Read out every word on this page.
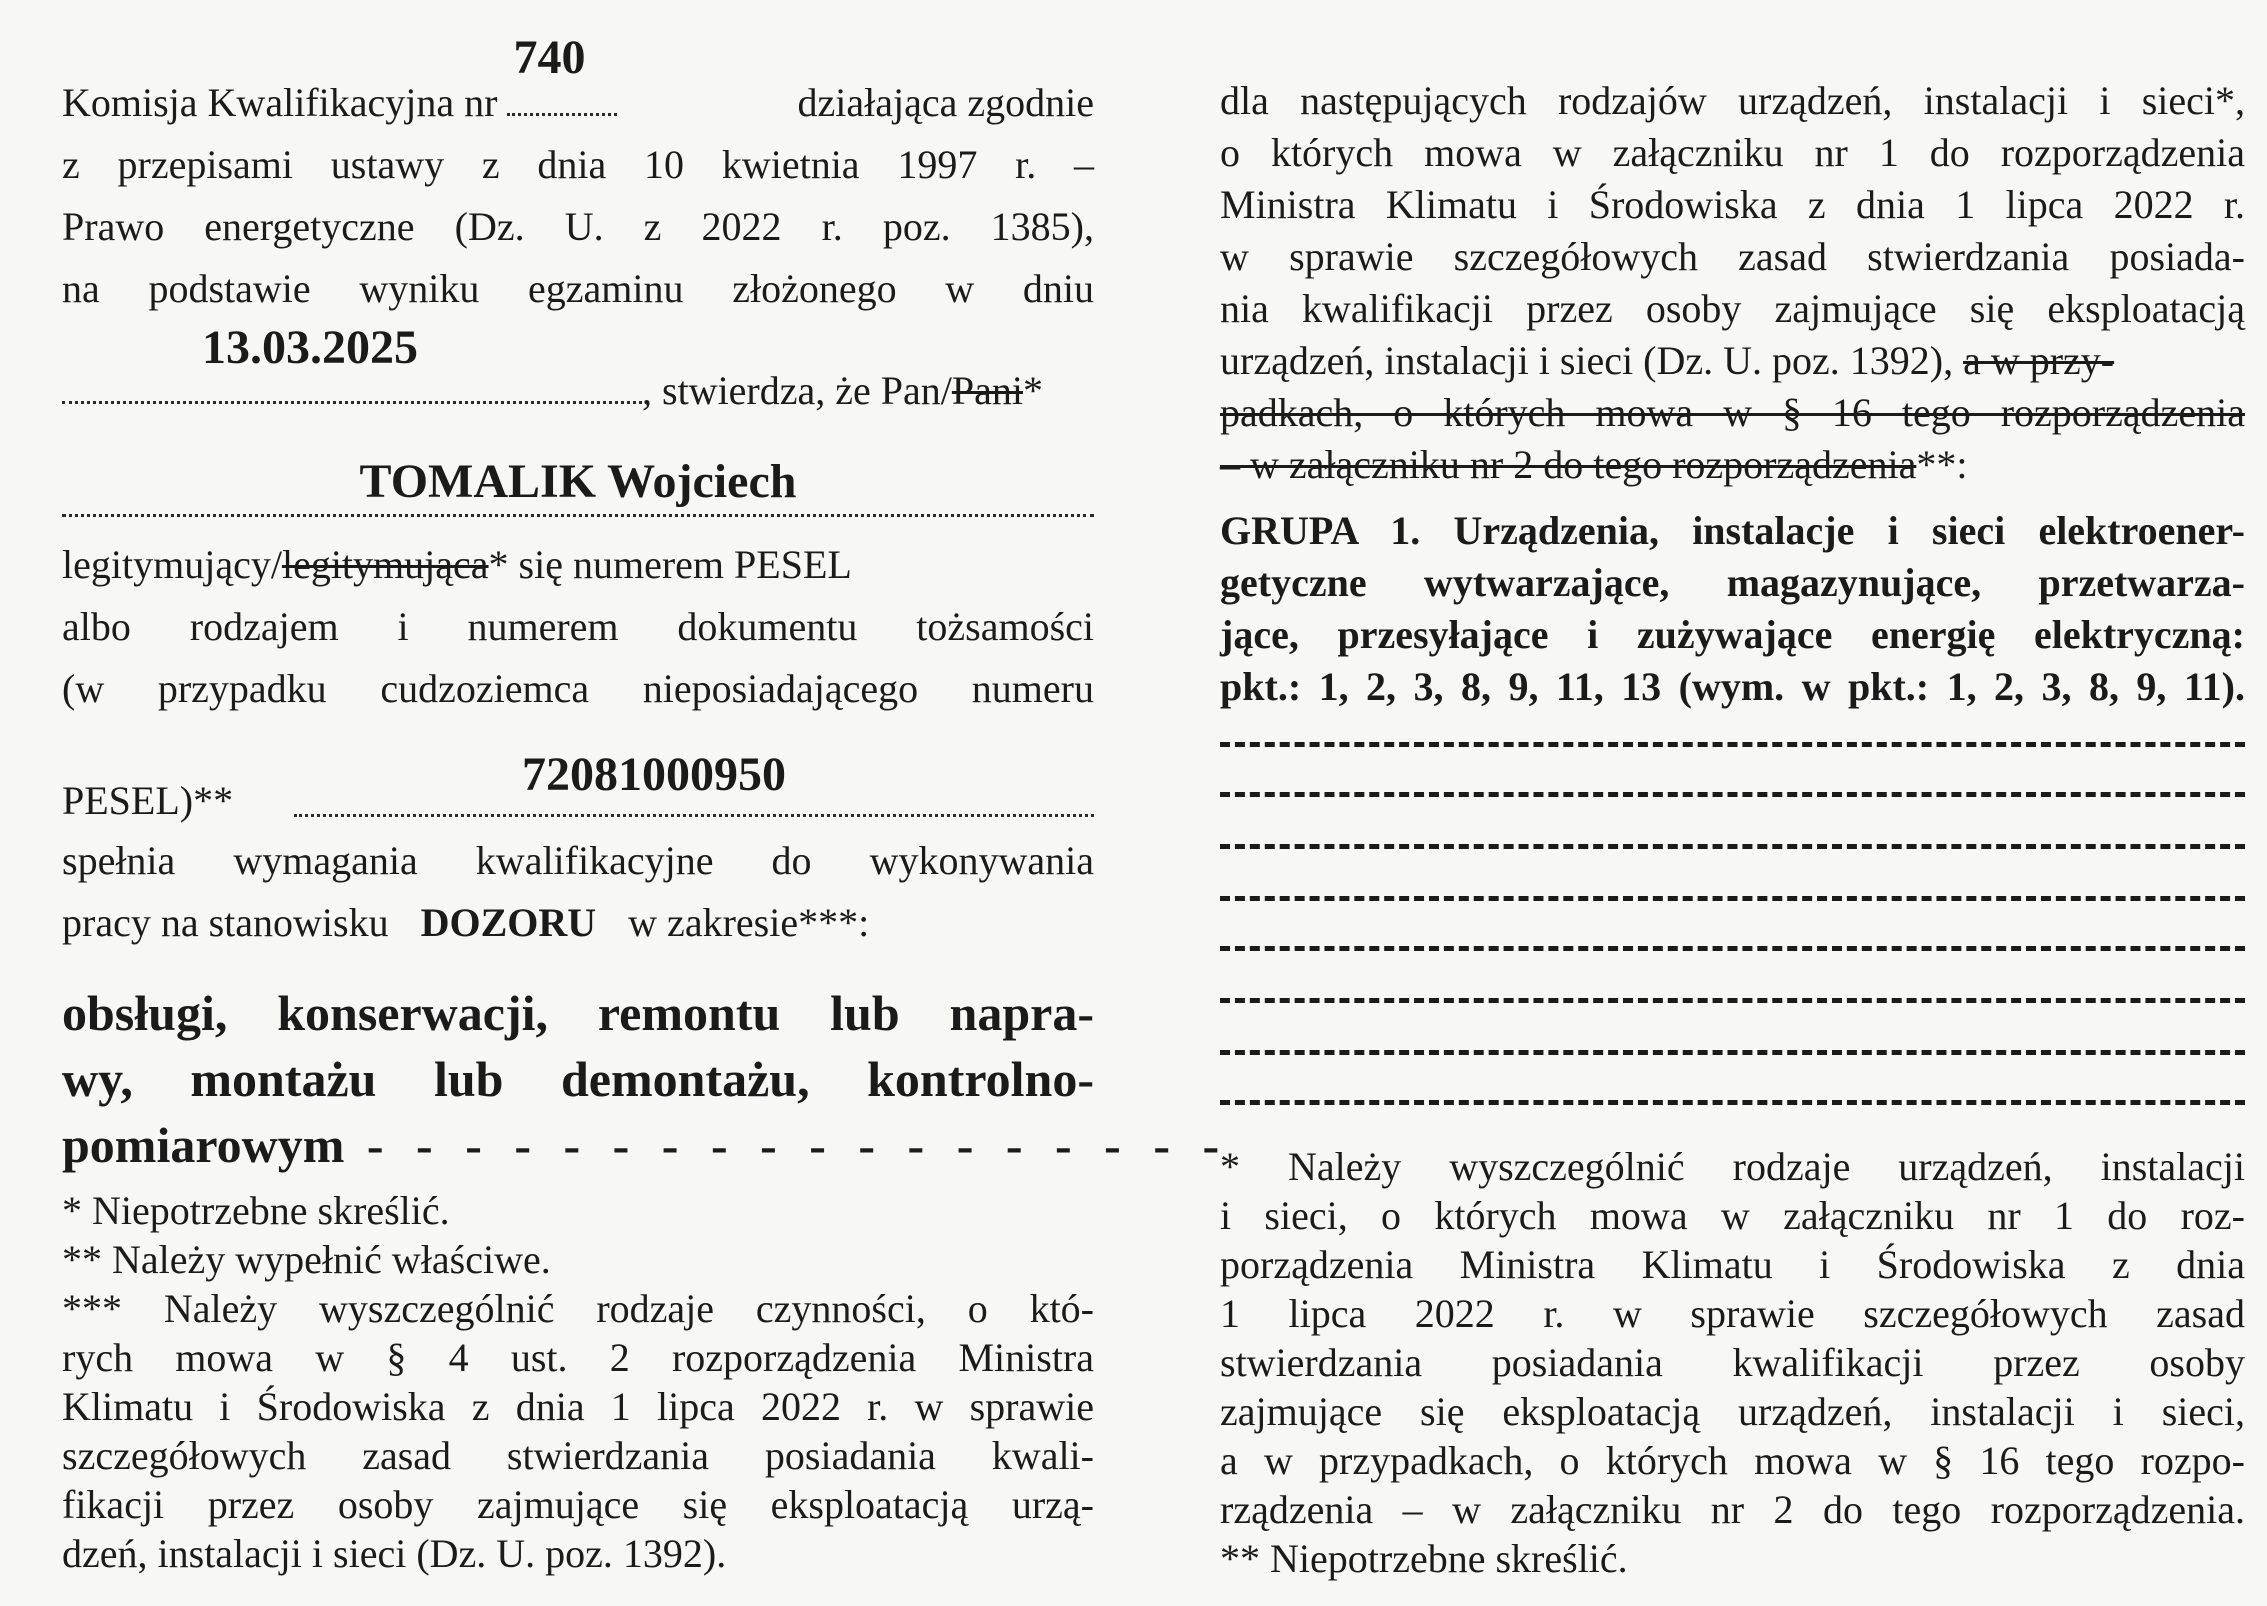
Komisja Kwalifikacyjna nr
740
działająca zgodnie
z przepisami ustawy z dnia 10 kwietnia 1997 r. –
Prawo energetyczne (Dz. U. z 2022 r. poz. 1385),
na podstawie wyniku egzaminu złożonego w dniu
13.03.2025
, stwierdza, że Pan/Pani*
TOMALIK Wojciech
legitymujący/legitymująca* się numerem PESEL
albo rodzajem i numerem dokumentu tożsamości
(w przypadku cudzoziemca nieposiadającego numeru
PESEL)**	72081000950
spełnia wymagania kwalifikacyjne do wykonywania
pracy na stanowisku DOZORU w zakresie***:
obsługi, konserwacji, remontu lub napra-
wy, montażu lub demontażu, kontrolno-
pomiarowym - - - - - - - - - - - - - - - - - -
* Niepotrzebne skreślić.
** Należy wypełnić właściwe.
*** Należy wyszczególnić rodzaje czynności, o któ-
rych mowa w § 4 ust. 2 rozporządzenia Ministra
Klimatu i Środowiska z dnia 1 lipca 2022 r. w sprawie
szczegółowych zasad stwierdzania posiadania kwali-
fikacji przez osoby zajmujące się eksploatacją urzą-
dzeń, instalacji i sieci (Dz. U. poz. 1392).
dla następujących rodzajów urządzeń, instalacji i sieci*,
o których mowa w załączniku nr 1 do rozporządzenia
Ministra Klimatu i Środowiska z dnia 1 lipca 2022 r.
w sprawie szczegółowych zasad stwierdzania posiada-
nia kwalifikacji przez osoby zajmujące się eksploatacją
urządzeń, instalacji i sieci (Dz. U. poz. 1392), a w przy-
padkach, o których mowa w § 16 tego rozporządzenia
– w załączniku nr 2 do tego rozporządzenia**:
GRUPA 1. Urządzenia, instalacje i sieci elektroener-
getyczne wytwarzające, magazynujące, przetwarza-
jące, przesyłające i zużywające energię elektryczną:
pkt.: 1, 2, 3, 8, 9, 11, 13 (wym. w pkt.: 1, 2, 3, 8, 9, 11).
* Należy wyszczególnić rodzaje urządzeń, instalacji
i sieci, o których mowa w załączniku nr 1 do roz-
porządzenia Ministra Klimatu i Środowiska z dnia
1 lipca 2022 r. w sprawie szczegółowych zasad
stwierdzania posiadania kwalifikacji przez osoby
zajmujące się eksploatacją urządzeń, instalacji i sieci,
a w przypadkach, o których mowa w § 16 tego rozpo-
rządzenia – w załączniku nr 2 do tego rozporządzenia.
** Niepotrzebne skreślić.
